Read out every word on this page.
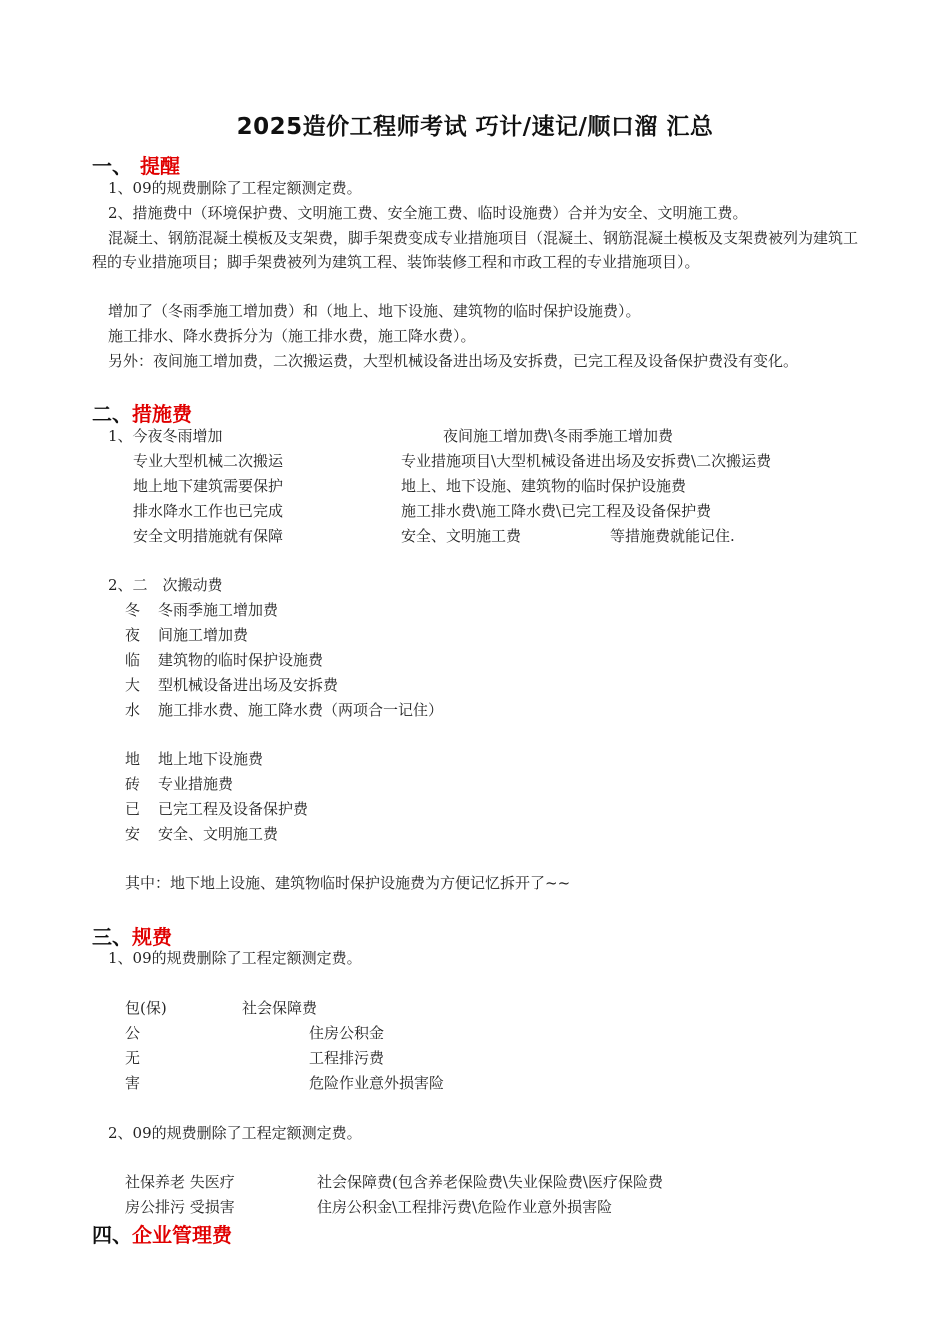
2025造价工程师考试 巧计/速记/顺口溜 汇总
一、 提醒
1、09的规费删除了工程定额测定费。
2、措施费中（环境保护费、文明施工费、安全施工费、临时设施费）合并为安全、文明施工费。
混凝土、钢筋混凝土模板及支架费，脚手架费变成专业措施项目（混凝土、钢筋混凝土模板及支架费被列为建筑工程的专业措施项目；脚手架费被列为建筑工程、装饰装修工程和市政工程的专业措施项目）。
增加了（冬雨季施工增加费）和（地上、地下设施、建筑物的临时保护设施费）。
施工排水、降水费拆分为（施工排水费，施工降水费）。
另外：夜间施工增加费，二次搬运费，大型机械设备进出场及安拆费，已完工程及设备保护费没有变化。
二、措施费
1、今夜冬雨增加	夜间施工增加费\冬雨季施工增加费
专业大型机械二次搬运	专业措施项目\大型机械设备进出场及安拆费\二次搬运费
地上地下建筑需要保护	地上、地下设施、建筑物的临时保护设施费
排水降水工作也已完成	施工排水费\施工降水费\已完工程及设备保护费
安全文明措施就有保障	安全、文明施工费	等措施费就能记住.
2、二　次搬动费
冬 冬雨季施工增加费
夜 间施工增加费
临 建筑物的临时保护设施费
大 型机械设备进出场及安拆费
水 施工排水费、施工降水费（两项合一记住）
地 地上地下设施费
砖 专业措施费
已 已完工程及设备保护费
安 安全、文明施工费
其中：地下地上设施、建筑物临时保护设施费为方便记忆拆开了~~
三、规费
1、09的规费删除了工程定额测定费。
包(保)	社会保障费
公	住房公积金
无	工程排污费
害	危险作业意外损害险
2、09的规费删除了工程定额测定费。
社保养老 失医疗	社会保障费(包含养老保险费\失业保险费\医疗保险费
房公排污 受损害	住房公积金\工程排污费\危险作业意外损害险
四、企业管理费
